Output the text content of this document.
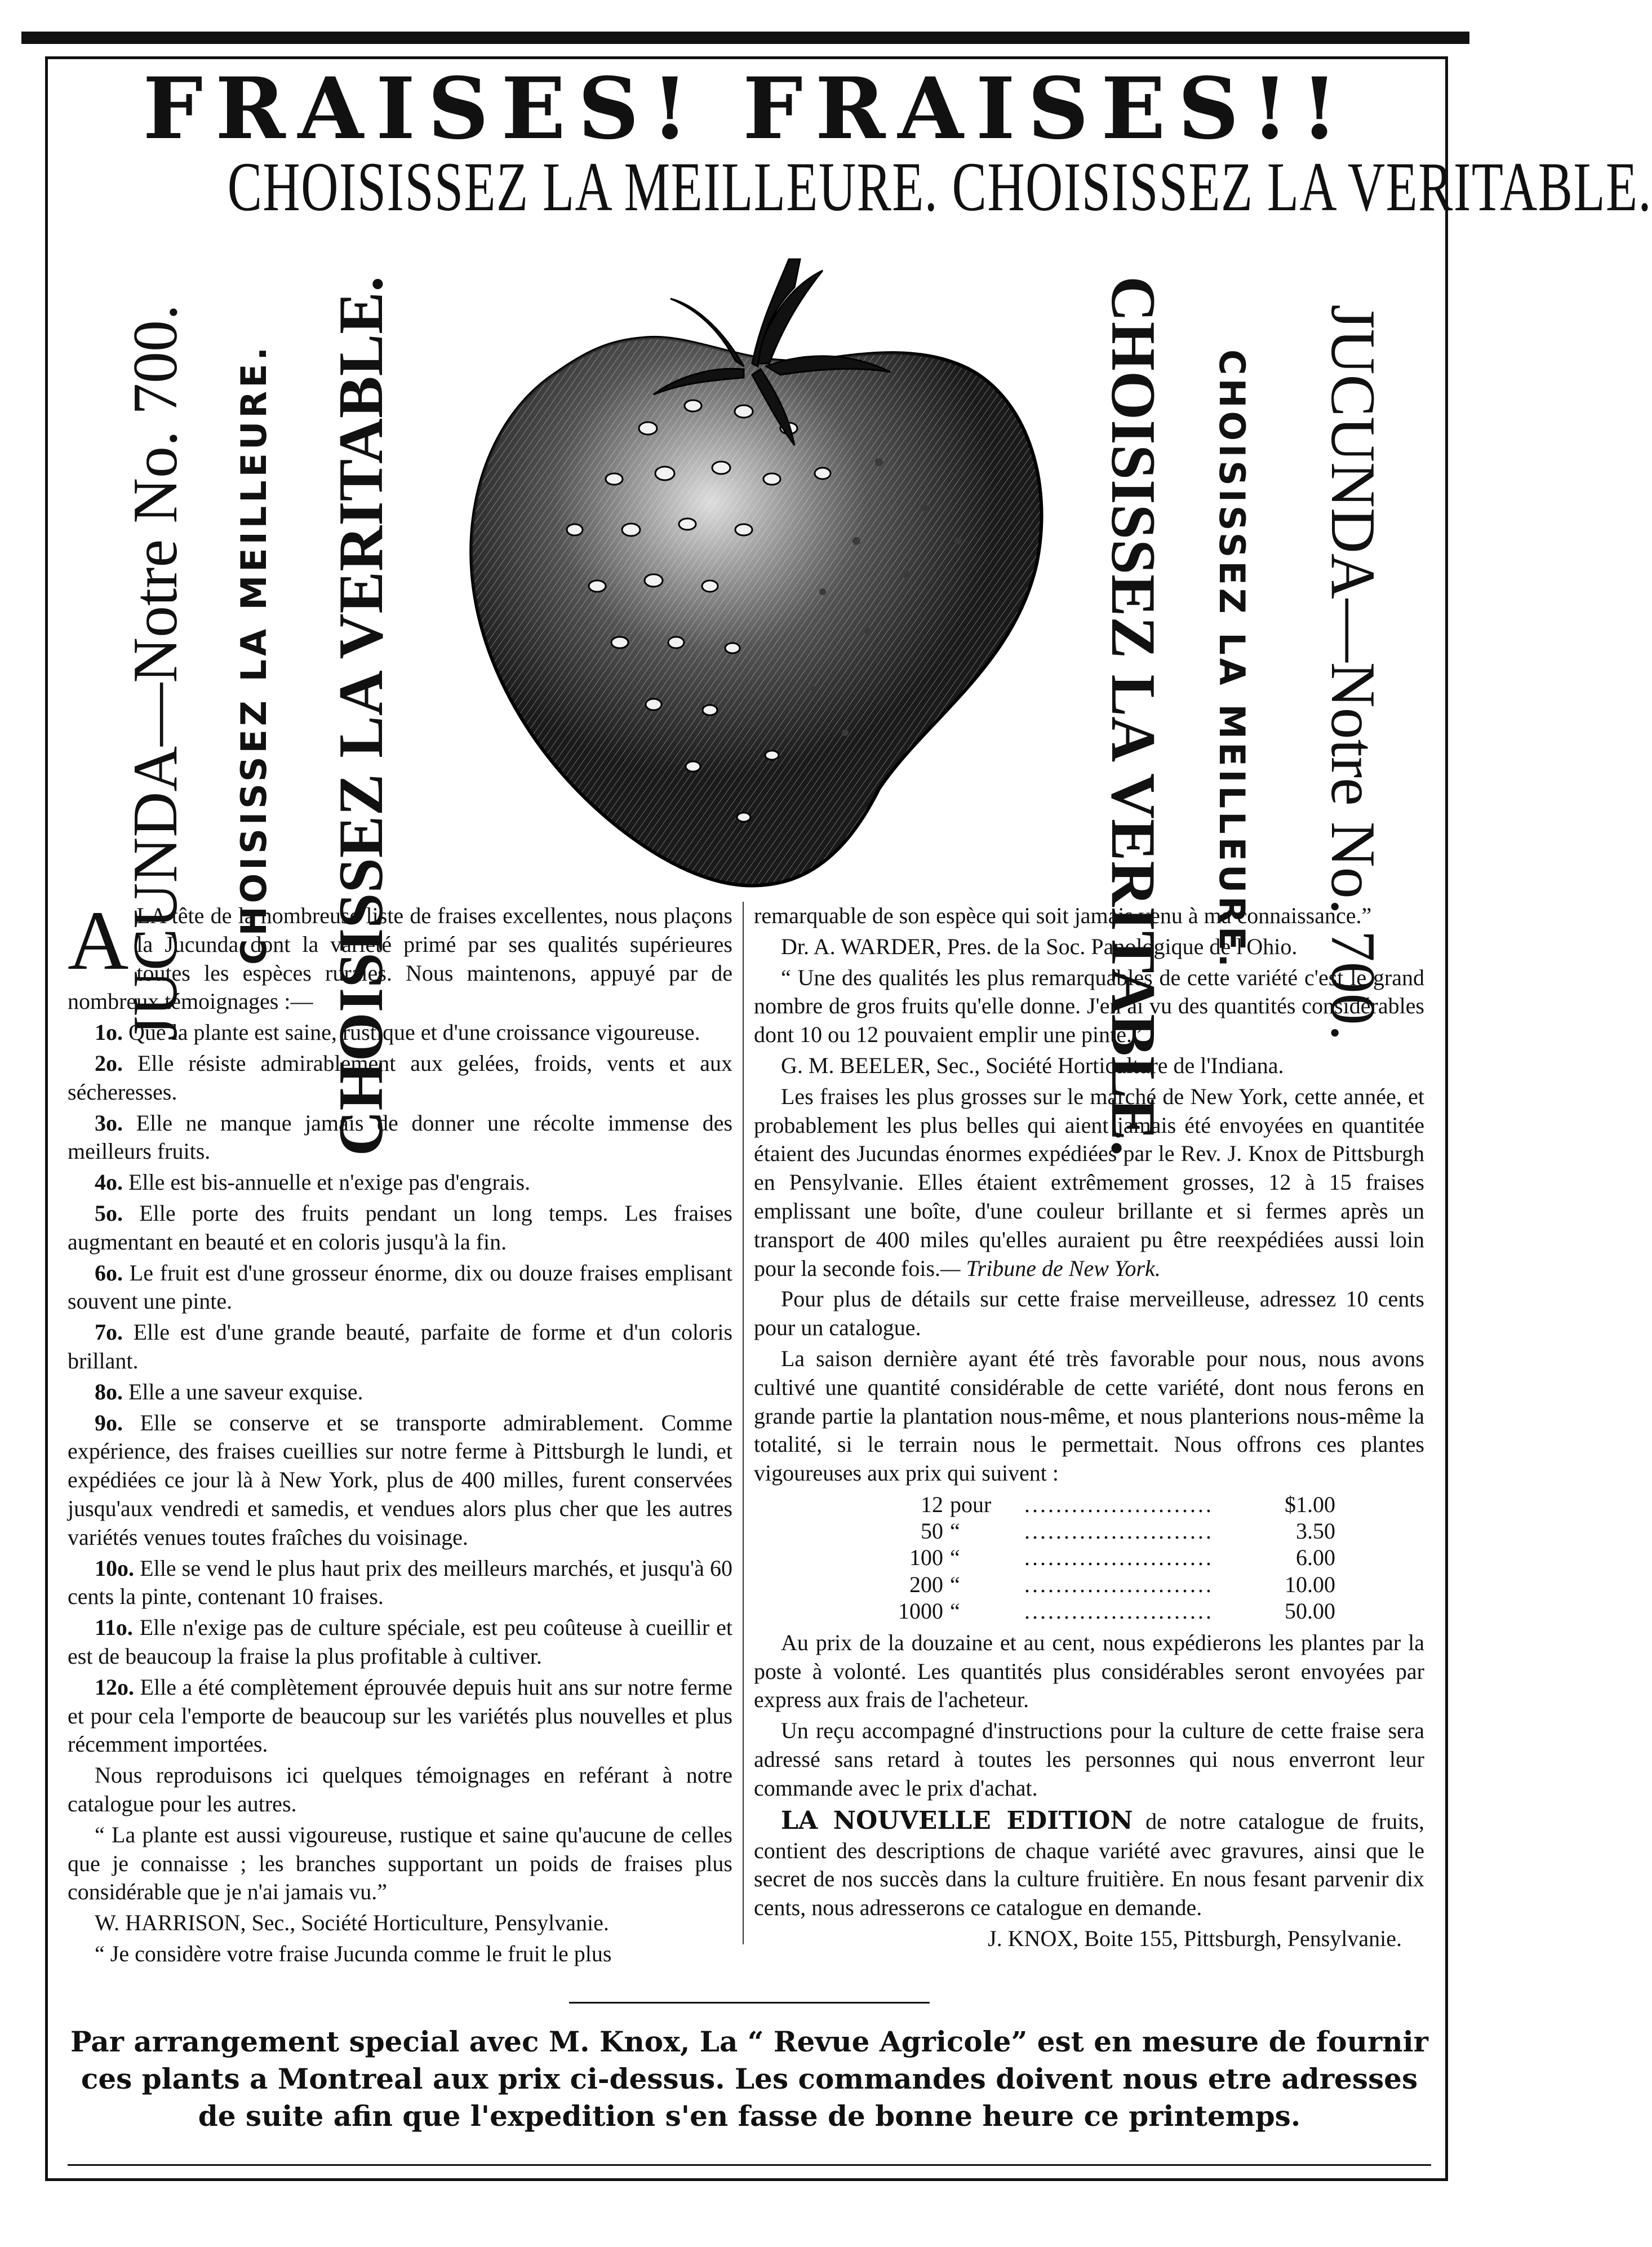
FRAISES! FRAISES!!
CHOISISSEZ LA MEILLEURE. CHOISISSEZ LA VERITABLE.
JUCUNDA—Notre No. 700. CHOISISSEZ LA MEILLEURE. CHOISISSEZ LA VERITABLE.	CHOISISSEZ LA VERITABLE. CHOISISSEZ LA MEILLEURE. JUCUNDA—Notre No. 700.

A LA tête de la nombreuse liste de fraises excellentes, nous plaçons la Jucunda dont la variété primé par ses qualités supérieures toutes les espèces rurales. Nous maintenons, appuyé par de nombreux témoignages :—

1o. Que la plante est saine, rustique et d'une croissance vigoureuse.

2o. Elle résiste admirablement aux gelées, froids, vents et aux sécheresses.

3o. Elle ne manque jamais de donner une récolte immense des meilleurs fruits.

4o. Elle est bis-annuelle et n'exige pas d'engrais.

5o. Elle porte des fruits pendant un long temps. Les fraises augmentant en beauté et en coloris jusqu'à la fin.

6o. Le fruit est d'une grosseur énorme, dix ou douze fraises emplisant souvent une pinte.

7o. Elle est d'une grande beauté, parfaite de forme et d'un coloris brillant.

8o. Elle a une saveur exquise.

9o. Elle se conserve et se transporte admirablement. Comme expérience, des fraises cueillies sur notre ferme à Pittsburgh le lundi, et expédiées ce jour là à New York, plus de 400 milles, furent conservées jusqu'aux vendredi et samedis, et vendues alors plus cher que les autres variétés venues toutes fraîches du voisinage.

10o. Elle se vend le plus haut prix des meilleurs marchés, et jusqu'à 60 cents la pinte, contenant 10 fraises.

11o. Elle n'exige pas de culture spéciale, est peu coûteuse à cueillir et est de beaucoup la fraise la plus profitable à cultiver.

12o. Elle a été complètement éprouvée depuis huit ans sur notre ferme et pour cela l'emporte de beaucoup sur les variétés plus nouvelles et plus récemment importées.

Nous reproduisons ici quelques témoignages en reférant à notre catalogue pour les autres.

“ La plante est aussi vigoureuse, rustique et saine qu'aucune de celles que je connaisse ; les branches supportant un poids de fraises plus considérable que je n'ai jamais vu.”

W. HARRISON, Sec., Société Horticulture, Pensylvanie.

“ Je considère votre fraise Jucunda comme le fruit le plus

remarquable de son espèce qui soit jamais venu à ma connaissance.”

Dr. A. WARDER, Pres. de la Soc. Panologique de l'Ohio.

“ Une des qualités les plus remarquables de cette variété c'est le grand nombre de gros fruits qu'elle donne. J'en ai vu des quantités considérables dont 10 ou 12 pouvaient emplir une pinte.”

G. M. BEELER, Sec., Société Horticulture de l'Indiana.

Les fraises les plus grosses sur le marché de New York, cette année, et probablement les plus belles qui aient jamais été envoyées en quantitée étaient des Jucundas énormes expédiées par le Rev. J. Knox de Pittsburgh en Pensylvanie. Elles étaient extrêmement grosses, 12 à 15 fraises emplissant une boîte, d'une couleur brillante et si fermes après un transport de 400 miles qu'elles auraient pu être reexpédiées aussi loin pour la seconde fois.— Tribune de New York.

Pour plus de détails sur cette fraise merveilleuse, adressez 10 cents pour un catalogue.

La saison dernière ayant été très favorable pour nous, nous avons cultivé une quantité considérable de cette variété, dont nous ferons en grande partie la plantation nous-même, et nous planterions nous-même la totalité, si le terrain nous le permettait. Nous offrons ces plantes vigoureuses aux prix qui suivent :

12	pour	........................	$1.00
50	“	........................	3.50
100	“	........................	6.00
200	“	........................	10.00
1000	“	........................	50.00

Au prix de la douzaine et au cent, nous expédierons les plantes par la poste à volonté. Les quantités plus considérables seront envoyées par express aux frais de l'acheteur.

Un reçu accompagné d'instructions pour la culture de cette fraise sera adressé sans retard à toutes les personnes qui nous enverront leur commande avec le prix d'achat.

LA NOUVELLE EDITION de notre catalogue de fruits, contient des descriptions de chaque variété avec gravures, ainsi que le secret de nos succès dans la culture fruitière. En nous fesant parvenir dix cents, nous adresserons ce catalogue en demande.

J. KNOX, Boite 155, Pittsburgh, Pensylvanie.

Par arrangement special avec M. Knox, La “ Revue Agricole” est en mesure de fournir ces plants a Montreal aux prix ci-dessus. Les commandes doivent nous etre adresses de suite afin que l'expedition s'en fasse de bonne heure ce printemps.
